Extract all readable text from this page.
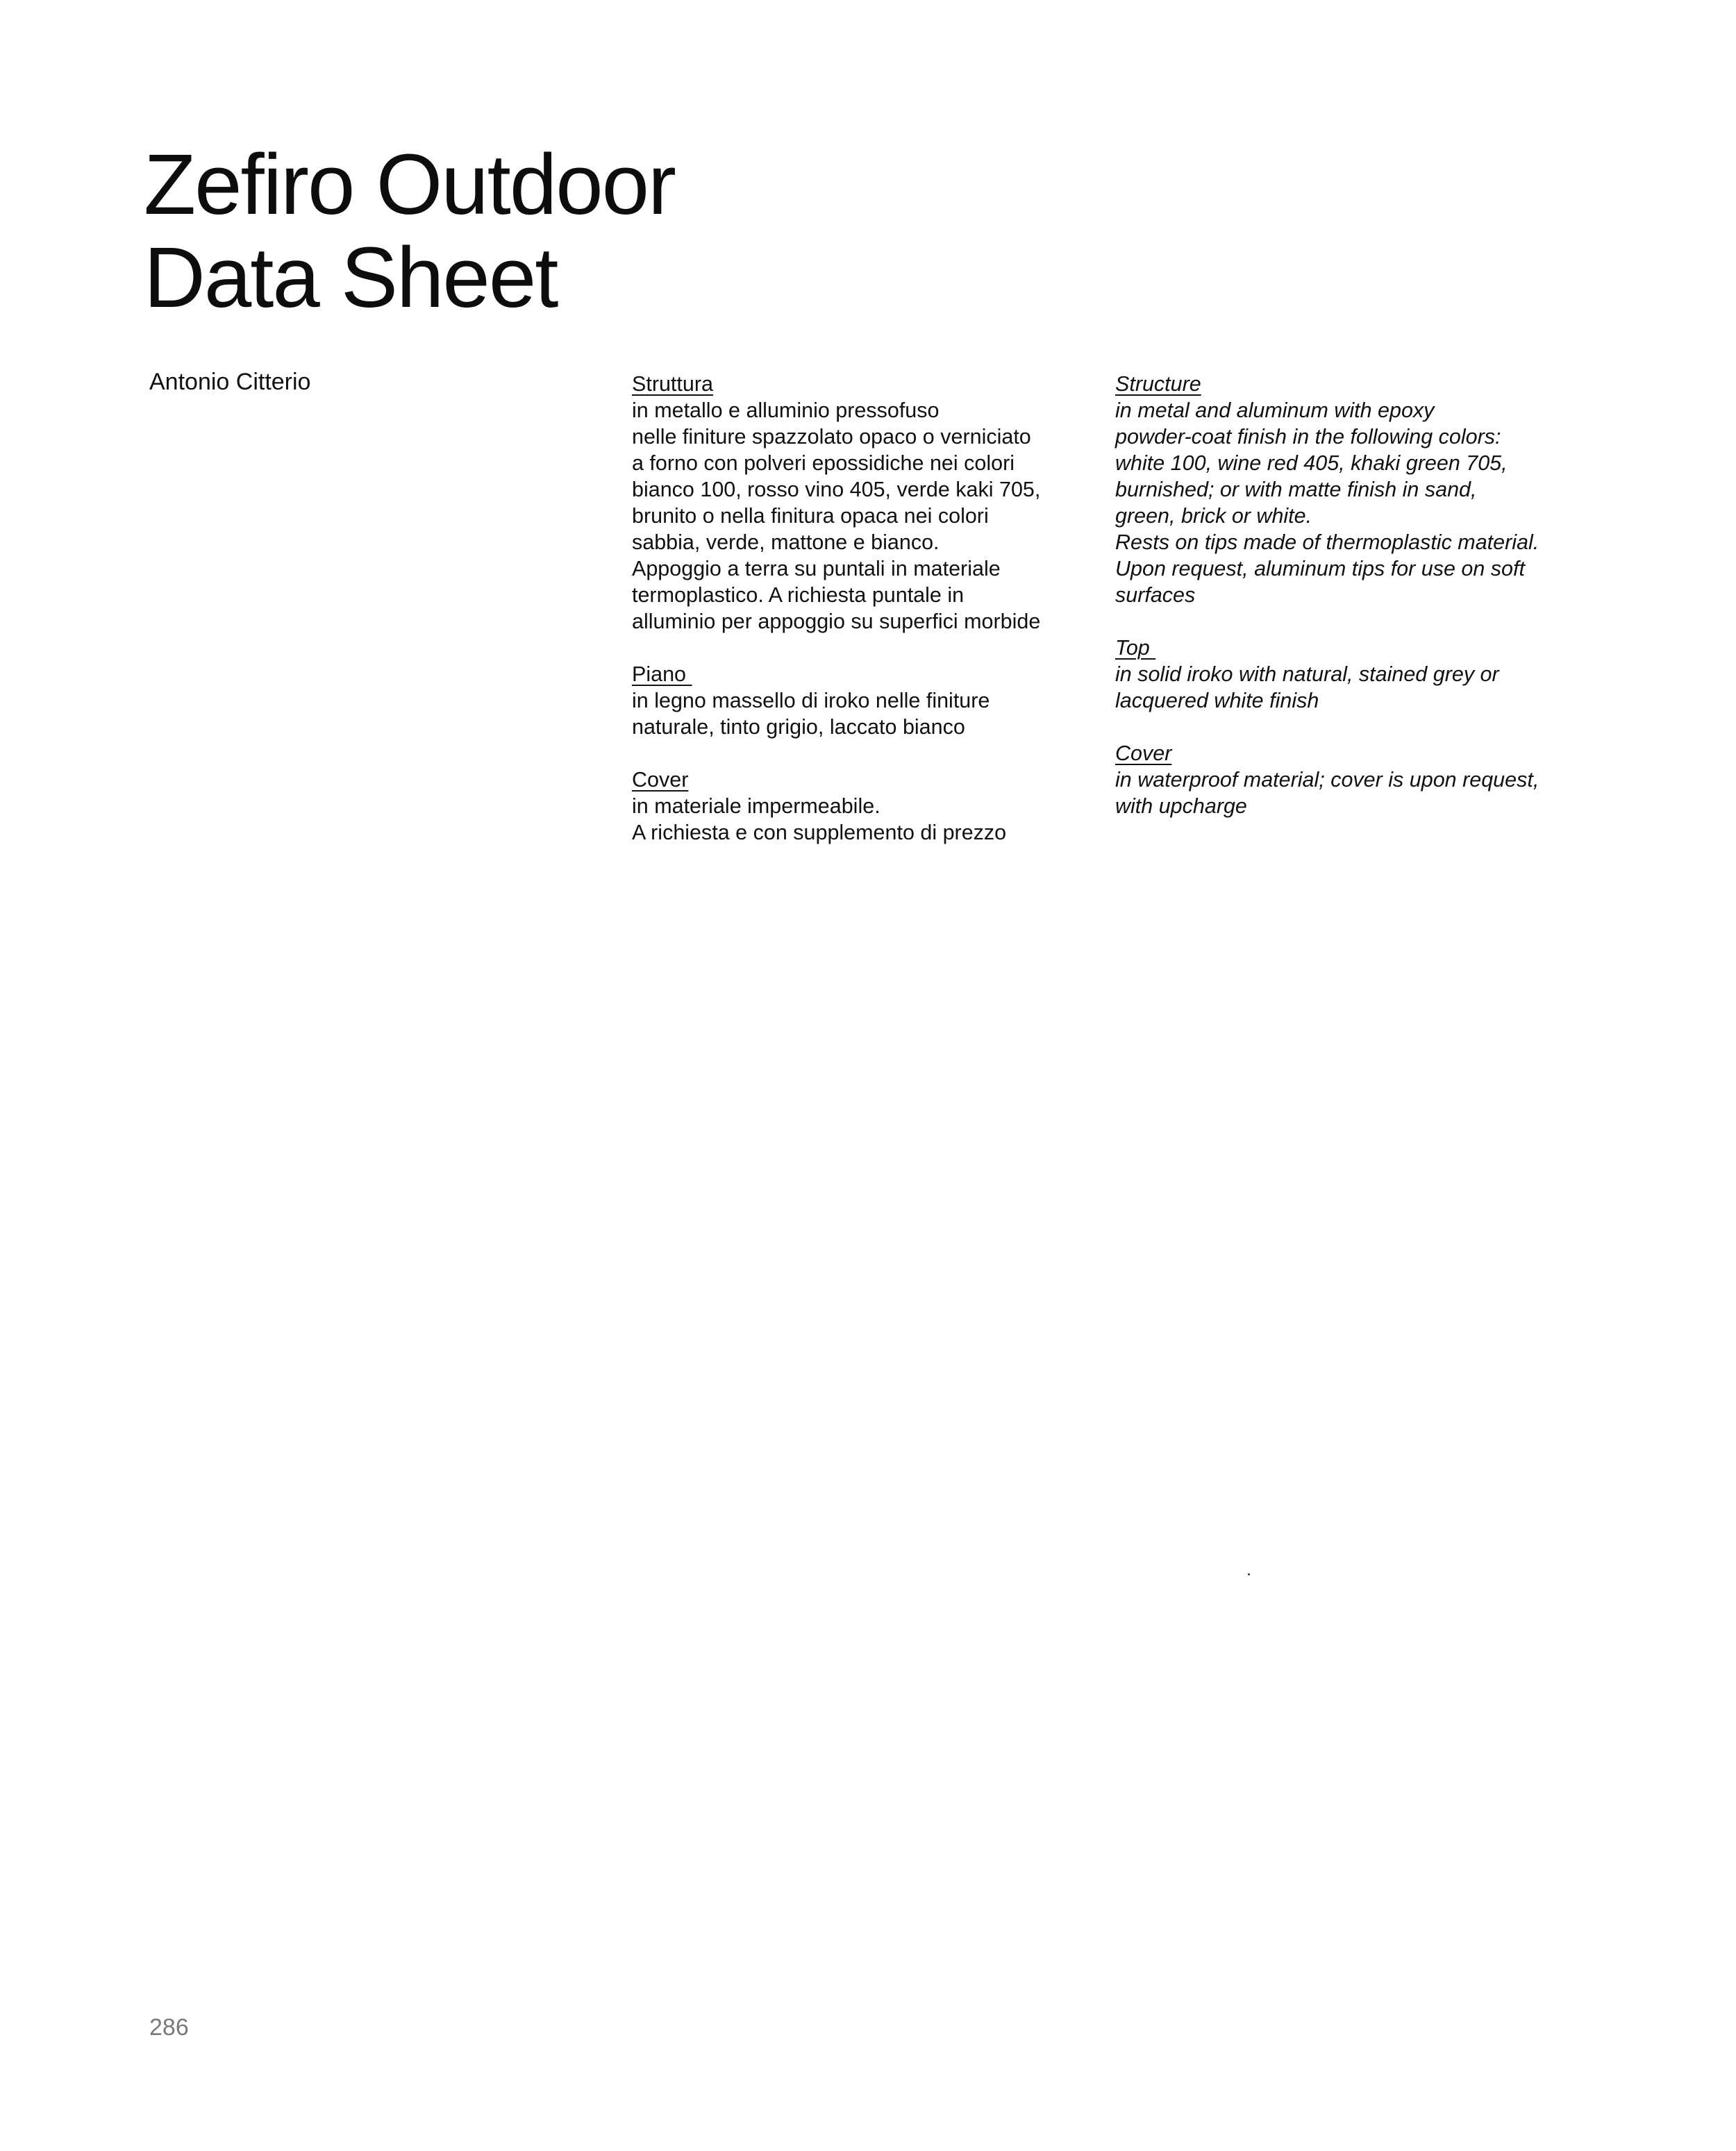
Zefiro Outdoor
Data Sheet
Antonio Citterio	Struttura
in metallo e alluminio pressofuso
nelle finiture spazzolato opaco o verniciato
a forno con polveri epossidiche nei colori
bianco 100, rosso vino 405, verde kaki 705,
brunito o nella finitura opaca nei colori
sabbia, verde, mattone e bianco.
Appoggio a terra su puntali in materiale
termoplastico. A richiesta puntale in
alluminio per appoggio su superfici morbide
Piano
in legno massello di iroko nelle finiture
naturale, tinto grigio, laccato bianco
Cover
in materiale impermeabile.
A richiesta e con supplemento di prezzo
Structure
in metal and aluminum with epoxy
powder-coat finish in the following colors:
white 100, wine red 405, khaki green 705,
burnished; or with matte finish in sand,
green, brick or white.
Rests on tips made of thermoplastic material.
Upon request, aluminum tips for use on soft
surfaces
Top
in solid iroko with natural, stained grey or
lacquered white finish
Cover
in waterproof material; cover is upon request,
with upcharge
286
